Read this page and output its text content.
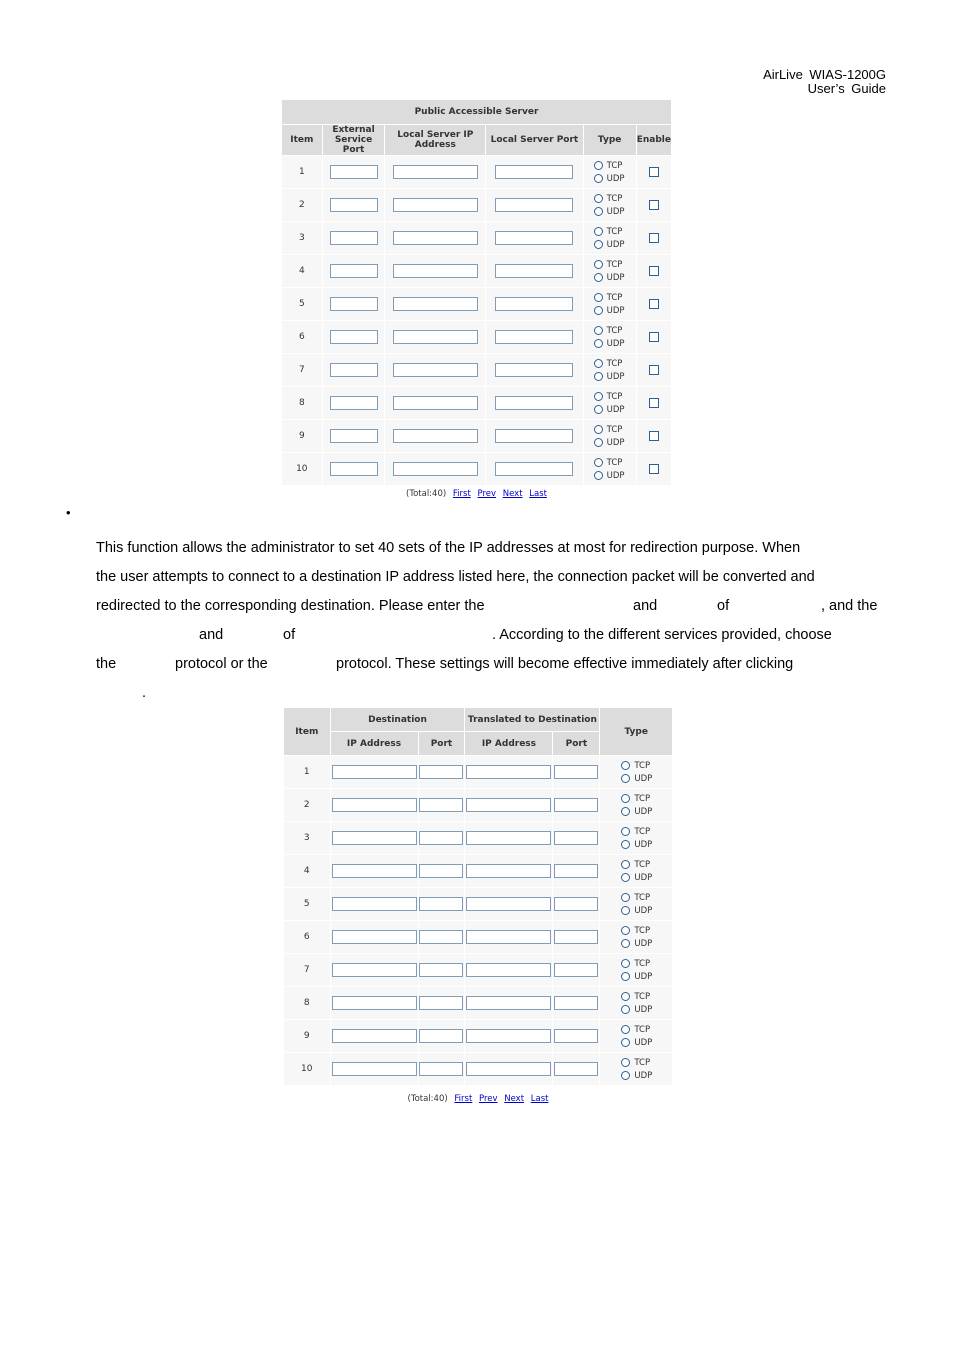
AirLive WIAS-1200G
User’s Guide
Public Accessible Server					
Item	External Service Port	Local Server IP Address	Local Server Port	Type	Enable
1				TCP
UDP	

2				TCP
UDP	

3				TCP
UDP	

4				TCP
UDP	

5				TCP
UDP	

6				TCP
UDP	

7				TCP
UDP	

8				TCP
UDP	

9				TCP
UDP	

10				TCP
UDP	

(Total:40) First Prev Next Last
•
This function allows the administrator to set 40 sets of the IP addresses at most for redirection purpose. When
the user attempts to connect to a destination IP address listed here, the connection packet will be converted and
redirected to the corresponding destination. Please enter the	and	of	, and the
and	of	. According to the different services provided, choose
the	protocol or the	protocol. These settings will become effective immediately after clicking
.
Item	Destination		Translated to Destination		Type
	IP Address	Port	IP Address	Port	
1					TCP
UDP

2					TCP
UDP

3					TCP
UDP

4					TCP
UDP

5					TCP
UDP

6					TCP
UDP

7					TCP
UDP

8					TCP
UDP

9					TCP
UDP

10					TCP
UDP
(Total:40) First Prev Next Last
